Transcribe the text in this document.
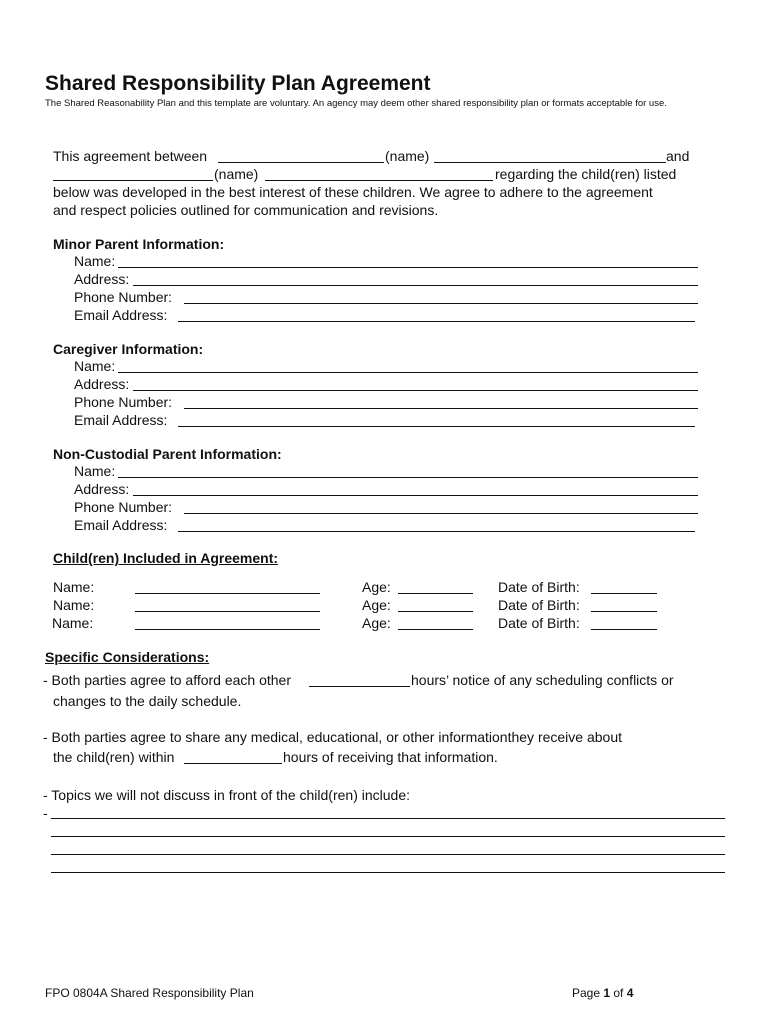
Shared Responsibility Plan Agreement
The Shared Reasonability Plan and this template are voluntary. An agency may deem other shared responsibility plan or formats acceptable for use.
This agreement between	(name)	and
(name)	regarding the child(ren) listed
below was developed in the best interest of these children. We agree to adhere to the agreement
and respect policies outlined for communication and revisions.
Minor Parent Information:
Name:
Address:
Phone Number:
Email Address:
Caregiver Information:
Name:
Address:
Phone Number:
Email Address:
Non-Custodial Parent Information:
Name:
Address:
Phone Number:
Email Address:
Child(ren) Included in Agreement:
Name:	Age:	Date of Birth:
Name:	Age:	Date of Birth:
Name:	Age:	Date of Birth:
Specific Considerations:
- Both parties agree to afford each other	hours’ notice of any scheduling conflicts or
changes to the daily schedule.
- Both parties agree to share any medical, educational, or other informationthey receive about
the child(ren) within	hours of receiving that information.
- Topics we will not discuss in front of the child(ren) include:
-
FPO 0804A Shared Responsibility Plan	Page 1 of 4
